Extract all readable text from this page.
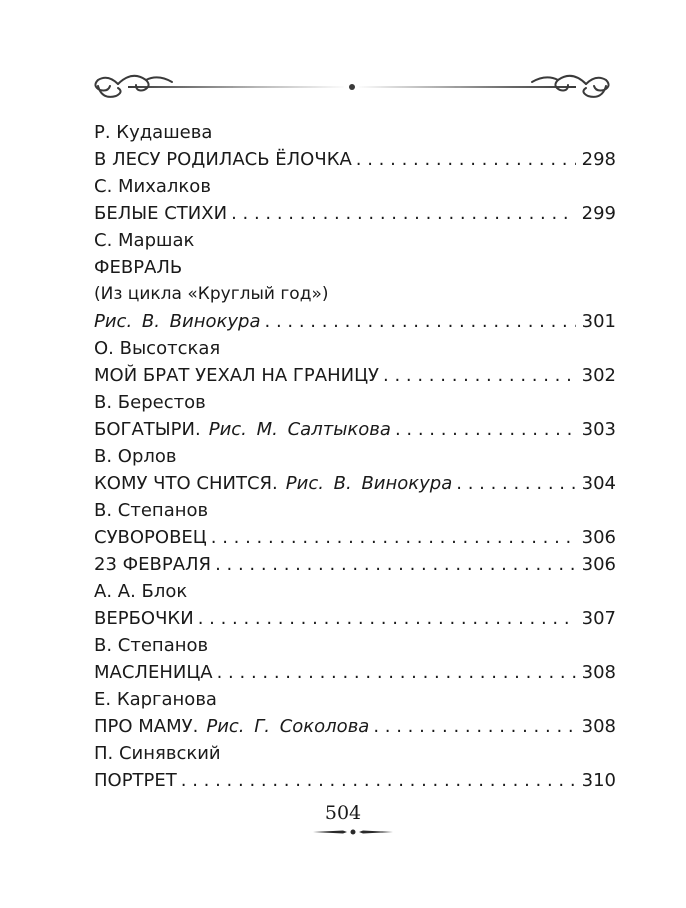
Р. Кудашева
В ЛЕСУ РОДИЛАСЬ ЁЛОЧКА . . .	298
С. Михалков
БЕЛЫЕ СТИХИ . . .	299
С. Маршак
ФЕВРАЛЬ
(Из цикла «Круглый год»)
Рис. В. Винокура . . .	301
О. Высотская
МОЙ БРАТ УЕХАЛ НА ГРАНИЦУ . . .	302
В. Берестов
БОГАТЫРИ. Рис. М. Салтыкова . . .	303
В. Орлов
КОМУ ЧТО СНИТСЯ. Рис. В. Винокура . . .	304
В. Степанов
СУВОРОВЕЦ . . .	306
23 ФЕВРАЛЯ . . .	306
А. А. Блок
ВЕРБОЧКИ . . .	307
В. Степанов
МАСЛЕНИЦА . . .	308
Е. Карганова
ПРО МАМУ. Рис. Г. Соколова . . .	308
П. Синявский
ПОРТРЕТ . . .	310
504
